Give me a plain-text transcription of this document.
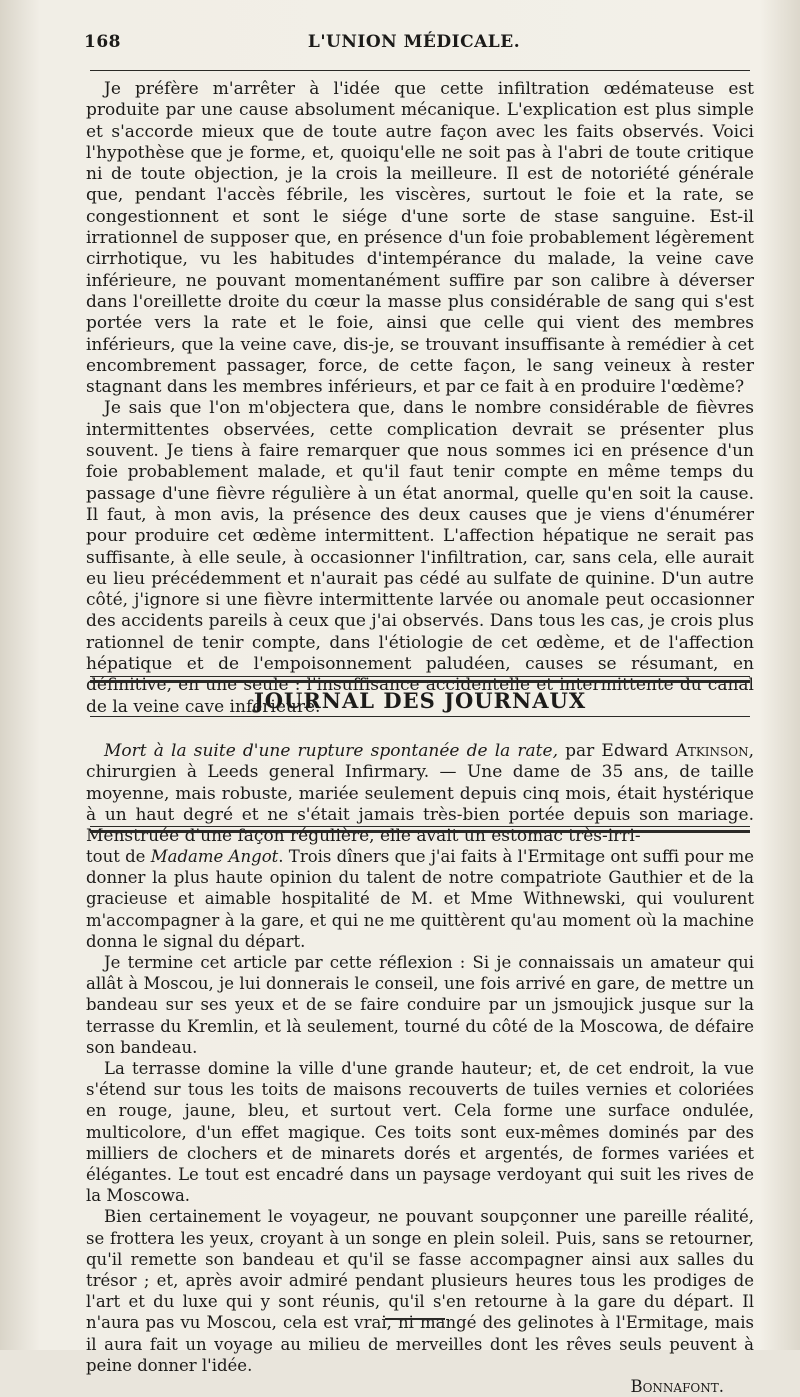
168	L'UNION MÉDICALE.

Je préfère m'arrêter à l'idée que cette infiltration œdémateuse est produite par une cause absolument mécanique. L'explication est plus simple et s'accorde mieux que de toute autre façon avec les faits observés. Voici l'hypothèse que je forme, et, quoiqu'elle ne soit pas à l'abri de toute critique ni de toute objection, je la crois la meilleure. Il est de notoriété générale que, pendant l'accès fébrile, les viscères, surtout le foie et la rate, se congestionnent et sont le siége d'une sorte de stase sanguine. Est-il irrationnel de supposer que, en présence d'un foie probablement légèrement cirrhotique, vu les habitudes d'intempérance du malade, la veine cave inférieure, ne pouvant momentanément suffire par son calibre à déverser dans l'oreillette droite du cœur la masse plus considérable de sang qui s'est portée vers la rate et le foie, ainsi que celle qui vient des membres inférieurs, que la veine cave, dis-je, se trouvant insuffisante à remédier à cet encombrement passager, force, de cette façon, le sang veineux à rester stagnant dans les membres inférieurs, et par ce fait à en produire l'œdème?

Je sais que l'on m'objectera que, dans le nombre considérable de fièvres intermittentes observées, cette complication devrait se présenter plus souvent. Je tiens à faire remarquer que nous sommes ici en présence d'un foie probablement malade, et qu'il faut tenir compte en même temps du passage d'une fièvre régulière à un état anormal, quelle qu'en soit la cause. Il faut, à mon avis, la présence des deux causes que je viens d'énumérer pour produire cet œdème intermittent. L'affection hépatique ne serait pas suffisante, à elle seule, à occasionner l'infiltration, car, sans cela, elle aurait eu lieu précédemment et n'aurait pas cédé au sulfate de quinine. D'un autre côté, j'ignore si une fièvre intermittente larvée ou anomale peut occasionner des accidents pareils à ceux que j'ai observés. Dans tous les cas, je crois plus rationnel de tenir compte, dans l'étiologie de cet œdème, et de l'affection hépatique et de l'empoisonnement paludéen, causes se résumant, en définitive, en une seule : l'insuffisance accidentelle et intermittente du canal de la veine cave inférieure.

JOURNAL DES JOURNAUX

Mort à la suite d'une rupture spontanée de la rate, par Edward Atkinson, chirurgien à Leeds general Infirmary. — Une dame de 35 ans, de taille moyenne, mais robuste, mariée seulement depuis cinq mois, était hystérique à un haut degré et ne s'était jamais très-bien portée depuis son mariage. Menstruée d'une façon régulière, elle avait un estomac très-irri-

tout de Madame Angot. Trois dîners que j'ai faits à l'Ermitage ont suffi pour me donner la plus haute opinion du talent de notre compatriote Gauthier et de la gracieuse et aimable hospitalité de M. et Mme Withnewski, qui voulurent m'accompagner à la gare, et qui ne me quittèrent qu'au moment où la machine donna le signal du départ.

Je termine cet article par cette réflexion : Si je connaissais un amateur qui allât à Moscou, je lui donnerais le conseil, une fois arrivé en gare, de mettre un bandeau sur ses yeux et de se faire conduire par un jsmoujick jusque sur la terrasse du Kremlin, et là seulement, tourné du côté de la Moscowa, de défaire son bandeau.

La terrasse domine la ville d'une grande hauteur; et, de cet endroit, la vue s'étend sur tous les toits de maisons recouverts de tuiles vernies et coloriées en rouge, jaune, bleu, et surtout vert. Cela forme une surface ondulée, multicolore, d'un effet magique. Ces toits sont eux-mêmes dominés par des milliers de clochers et de minarets dorés et argentés, de formes variées et élégantes. Le tout est encadré dans un paysage verdoyant qui suit les rives de la Moscowa.

Bien certainement le voyageur, ne pouvant soupçonner une pareille réalité, se frottera les yeux, croyant à un songe en plein soleil. Puis, sans se retourner, qu'il remette son bandeau et qu'il se fasse accompagner ainsi aux salles du trésor ; et, après avoir admiré pendant plusieurs heures tous les prodiges de l'art et du luxe qui y sont réunis, qu'il s'en retourne à la gare du départ. Il n'aura pas vu Moscou, cela est vrai, ni mangé des gelinotes à l'Ermitage, mais il aura fait un voyage au milieu de merveilles dont les rêves seuls peuvent à peine donner l'idée.

Bonnafont.
